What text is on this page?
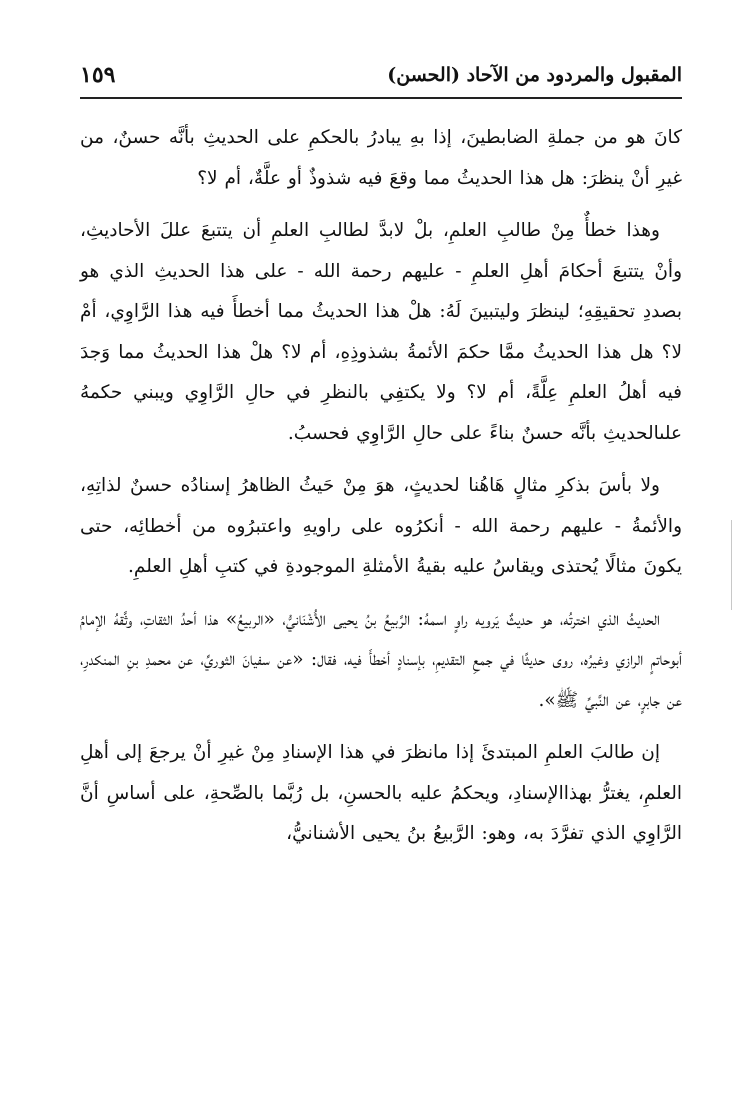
المقبول والمردود من الآحاد (الحسن)
١٥٩

كانَ هو من جملةِ الضابطينَ، إذا بهِ يبادرُ بالحكمِ على الحديثِ بأنَّه حسنٌ، من غيرِ أنْ ينظرَ: هل هذا الحديثُ مما وقعَ فيه شذوذٌ أو علَّةٌ، أم لا؟

وهذا خطأٌ مِنْ طالبِ العلمِ، بلْ لابدَّ لطالبِ العلمِ أن يتتبعَ عللَ الأحاديثِ، وأنْ يتتبعَ أحكامَ أهلِ العلمِ - عليهم رحمة الله - على هذا الحديثِ الذي هو بصددِ تحقيقِهِ؛ لينظرَ وليتبينَ لَهُ: هلْ هذا الحديثُ مما أخطأَ فيه هذا الرَّاوِي، أمْ لا؟ هل هذا الحديثُ ممَّا حكمَ الأئمةُ بشذوذِهِ، أم لا؟ هلْ هذا الحديثُ مما وَجدَ فيه أهلُ العلمِ عِلَّةً، أم لا؟ ولا يكتفِي بالنظرِ في حالِ الرَّاوِي ويبني حكمهُ علىالحديثِ بأنَّه حسنٌ بناءً على حالِ الرَّاوِي فحسبُ.

ولا بأسَ بذكرِ مثالٍ هَاهُنا لحديثٍ، هوَ مِنْ حَيثُ الظاهرُ إسنادُه حسنٌ لذاتِهِ، والأئمةُ - عليهم رحمة الله - أنكرُوه على راويهِ واعتبرُوه من أخطائِه، حتى يكونَ مثالًا يُحتذى ويقاسُ عليه بقيةُ الأمثلةِ الموجودةِ في كتبِ أهلِ العلمِ.

الحديثُ الذي اخترتُه، هو حديثٌ يَرويه راوٍ اسمهُ: الرَّبيعُ بنُ يحيى الأُشْنَانيُّ، «الربيعُ» هذا أحدُ الثقاتِ، وثَّقهُ الإمامُ أبوحاتمٍ الرازي وغيرُه، روى حديثًا في جمعِ التقديمِ، بإسنادٍ أخطأَ فيه، فقال: «عن سفيانَ الثوريِّ، عن محمدِ بنِ المنكدرِ، عن جابرٍ، عن النَّبيِّ ﷺ».

إن طالبَ العلمِ المبتدئَ إذا مانظرَ في هذا الإسنادِ مِنْ غيرِ أنْ يرجعَ إلى أهلِ العلمِ، يغترُّ بهذاالإسنادِ، ويحكمُ عليه بالحسنِ، بل رُبَّما بالصِّحةِ، على أساسِ أنَّ الرَّاوِي الذي تفرَّدَ به، وهو: الرَّبيعُ بنُ يحيى الأشنانيُّ،
